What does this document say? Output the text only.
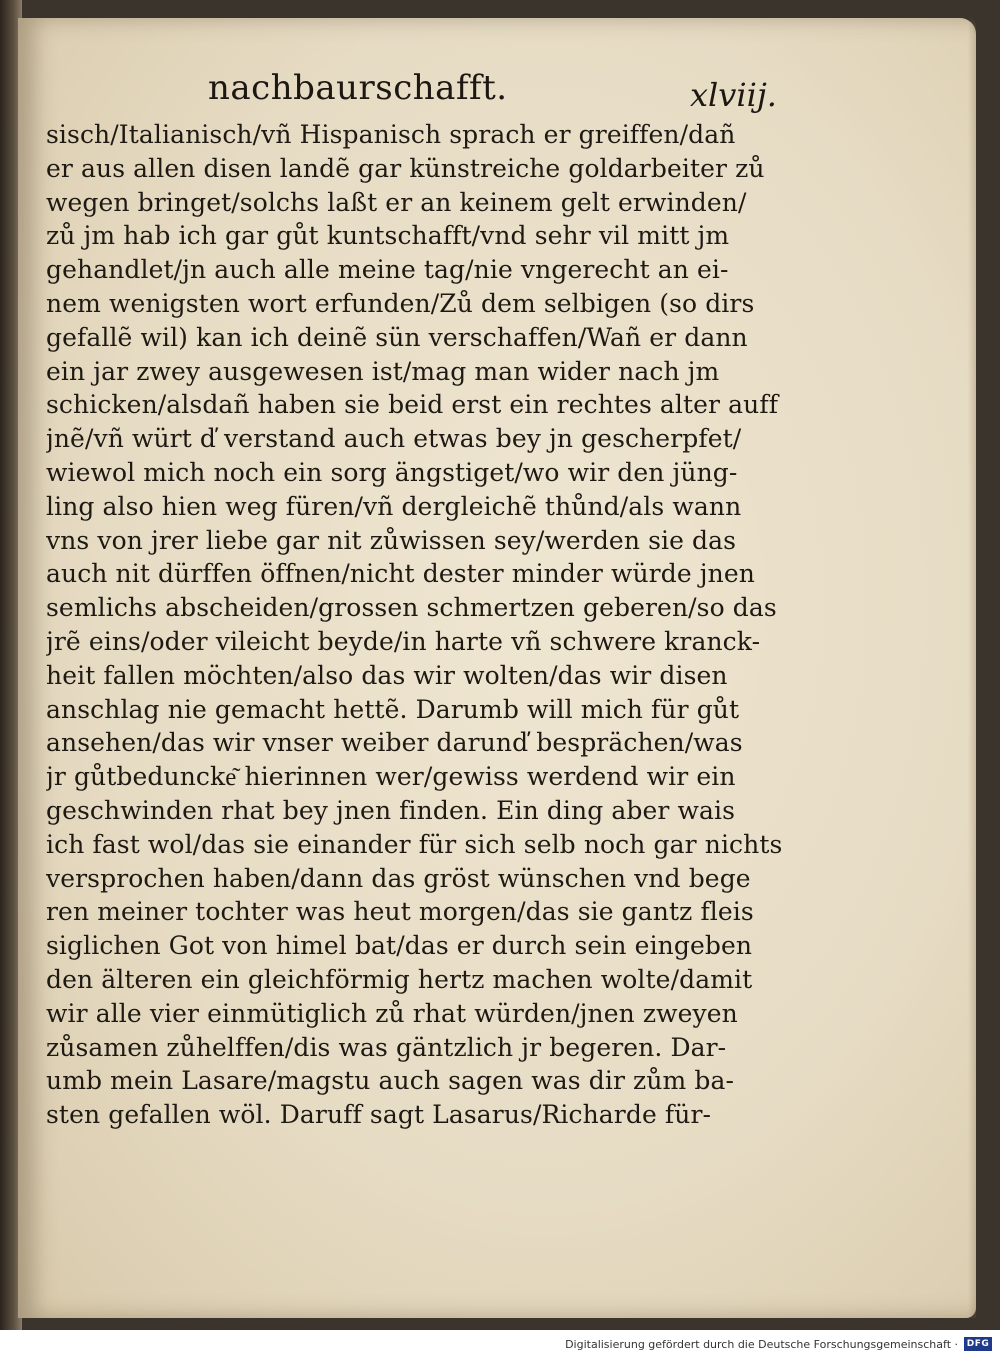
nachbaurschafft.	xlviij.
sisch/Italianisch/vñ Hispanisch sprach er greiffen/dañ
er aus allen disen landẽ gar künstreiche goldarbeiter zů
wegen bringet/solchs laßt er an keinem gelt erwinden/
zů jm hab ich gar gůt kuntschafft/vnd sehr vil mitt jm
gehandlet/jn auch alle meine tag/nie vngerecht an ei-
nem wenigsten wort erfunden/Zů dem selbigen (so dirs
gefallẽ wil) kan ich deinẽ sün verschaffen/Wañ er dann
ein jar zwey ausgewesen ist/mag man wider nach jm
schicken/alsdañ haben sie beid erst ein rechtes alter auff
jnẽ/vñ würt ď verstand auch etwas bey jn gescherpfet/
wiewol mich noch ein sorg ängstiget/wo wir den jüng-
ling also hien weg füren/vñ dergleichẽ thůnd/als wann
vns von jrer liebe gar nit zůwissen sey/werden sie das
auch nit dürffen öffnen/nicht dester minder würde jnen
semlichs abscheiden/grossen schmertzen geberen/so das
jrẽ eins/oder vileicht beyde/in harte vñ schwere kranck-
heit fallen möchten/also das wir wolten/das wir disen
anschlag nie gemacht hettẽ. Darumb will mich für gůt
ansehen/das wir vnser weiber darunď besprächen/was
jr gůtbeduncke͂ hierinnen wer/gewiss werdend wir ein
geschwinden rhat bey jnen finden. Ein ding aber wais
ich fast wol/das sie einander für sich selb noch gar nichts
versprochen haben/dann das gröst wünschen vnd bege
ren meiner tochter was heut morgen/das sie gantz fleis
siglichen Got von himel bat/das er durch sein eingeben
den älteren ein gleichförmig hertz machen wolte/damit
wir alle vier einmütiglich zů rhat würden/jnen zweyen
zůsamen zůhelffen/dis was gäntzlich jr begeren. Dar-
umb mein Lasare/magstu auch sagen was dir zům ba-
sten gefallen wöl. Daruff sagt Lasarus/Richarde für-
Digitalisierung gefördert durch die Deutsche Forschungsgemeinschaft · DFG
